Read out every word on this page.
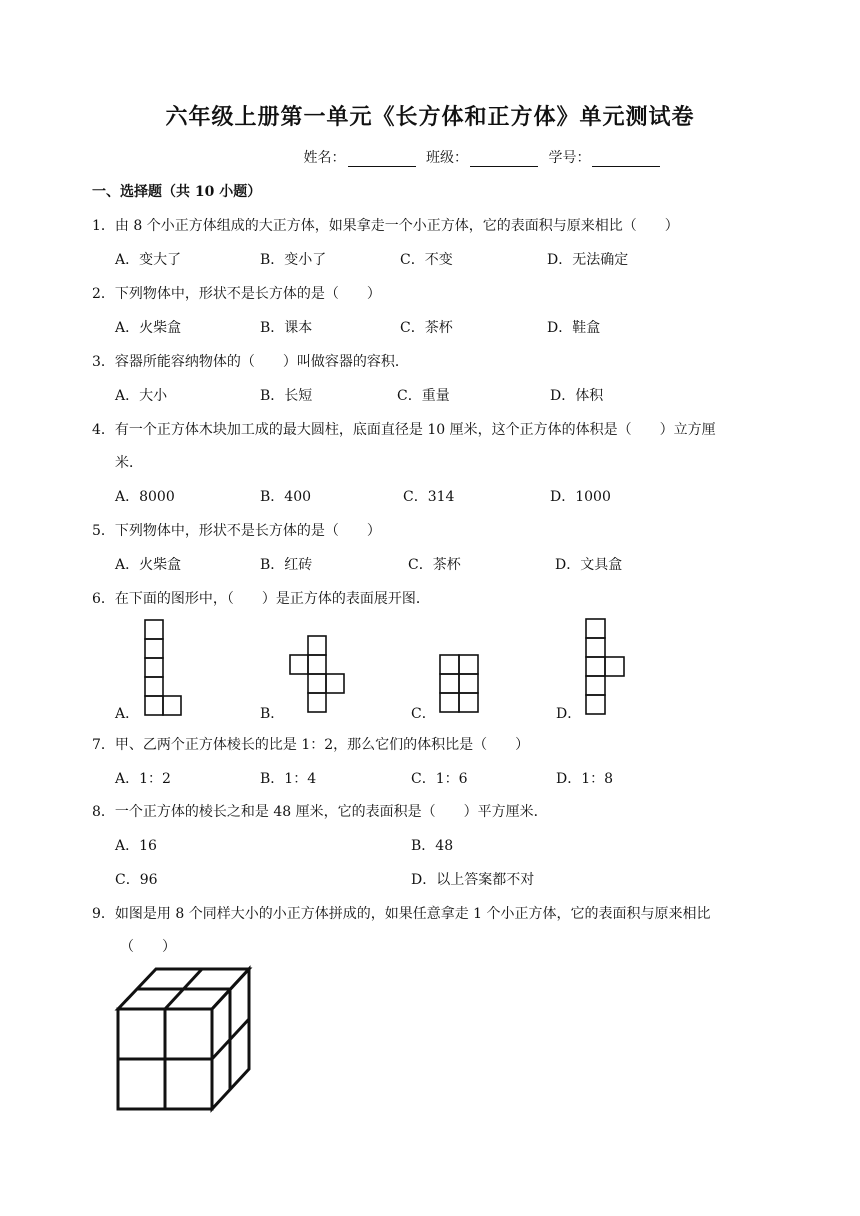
六年级上册第一单元《长方体和正方体》单元测试卷
姓名：	班级：	学号：
一、选择题（共 10 小题）
1．由 8 个小正方体组成的大正方体，如果拿走一个小正方体，它的表面积与原来相比（　　）
A．变大了	B．变小了	C．不变	D．无法确定
2．下列物体中，形状不是长方体的是（　　）
A．火柴盒	B．课本	C．茶杯	D．鞋盒
3．容器所能容纳物体的（　　）叫做容器的容积．
A．大小	B．长短	C．重量	D．体积
4．有一个正方体木块加工成的最大圆柱，底面直径是 10 厘米，这个正方体的体积是（　　）立方厘
米．
A．8000	B．400	C．314	D．1000
5．下列物体中，形状不是长方体的是（　　）
A．火柴盒	B．红砖	C．茶杯	D．文具盒
6．在下面的图形中，（　　）是正方体的表面展开图．
A．	B．	C．	D．
7．甲、乙两个正方体棱长的比是 1：2，那么它们的体积比是（　　）
A．1：2	B．1：4	C．1：6	D．1：8
8．一个正方体的棱长之和是 48 厘米，它的表面积是（　　）平方厘米．
A．16	B．48
C．96	D．以上答案都不对
9．如图是用 8 个同样大小的小正方体拼成的，如果任意拿走 1 个小正方体，它的表面积与原来相比
（　　）
